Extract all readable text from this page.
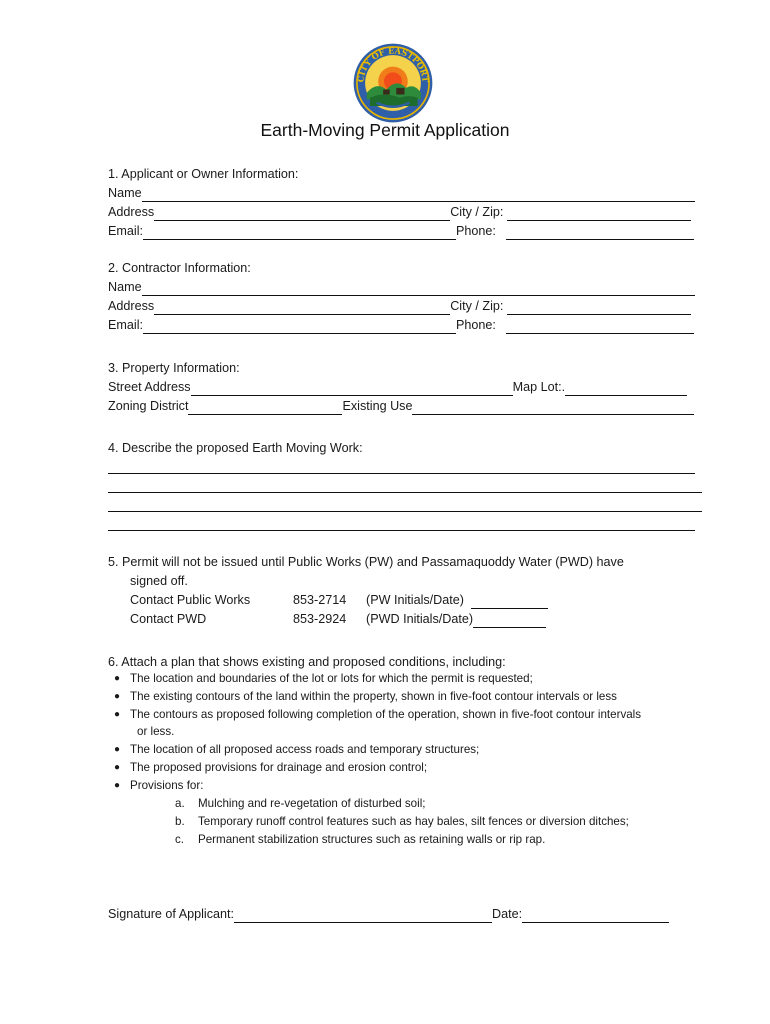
CITY OF EASTPORT
Earth-Moving Permit Application
1. Applicant or Owner Information:
Name
Address	City / Zip:
Email:	Phone:
2. Contractor Information:
Name
Address	City / Zip:
Email:	Phone:
3. Property Information:
Street Address	Map Lot:.
Zoning District	Existing Use
4. Describe the proposed Earth Moving Work:
5. Permit will not be issued until Public Works (PW) and Passamaquoddy Water (PWD) have
signed off.
Contact Public Works	853-2714	(PW Initials/Date)
Contact PWD	853-2924	(PWD Initials/Date)
6. Attach a plan that shows existing and proposed conditions, including:
● The location and boundaries of the lot or lots for which the permit is requested;
● The existing contours of the land within the property, shown in five-foot contour intervals or less
● The contours as proposed following completion of the operation, shown in five-foot contour intervals
or less.
● The location of all proposed access roads and temporary structures;
● The proposed provisions for drainage and erosion control;
● Provisions for:
a. Mulching and re-vegetation of disturbed soil;
b. Temporary runoff control features such as hay bales, silt fences or diversion ditches;
c. Permanent stabilization structures such as retaining walls or rip rap.
Signature of Applicant:	Date:
